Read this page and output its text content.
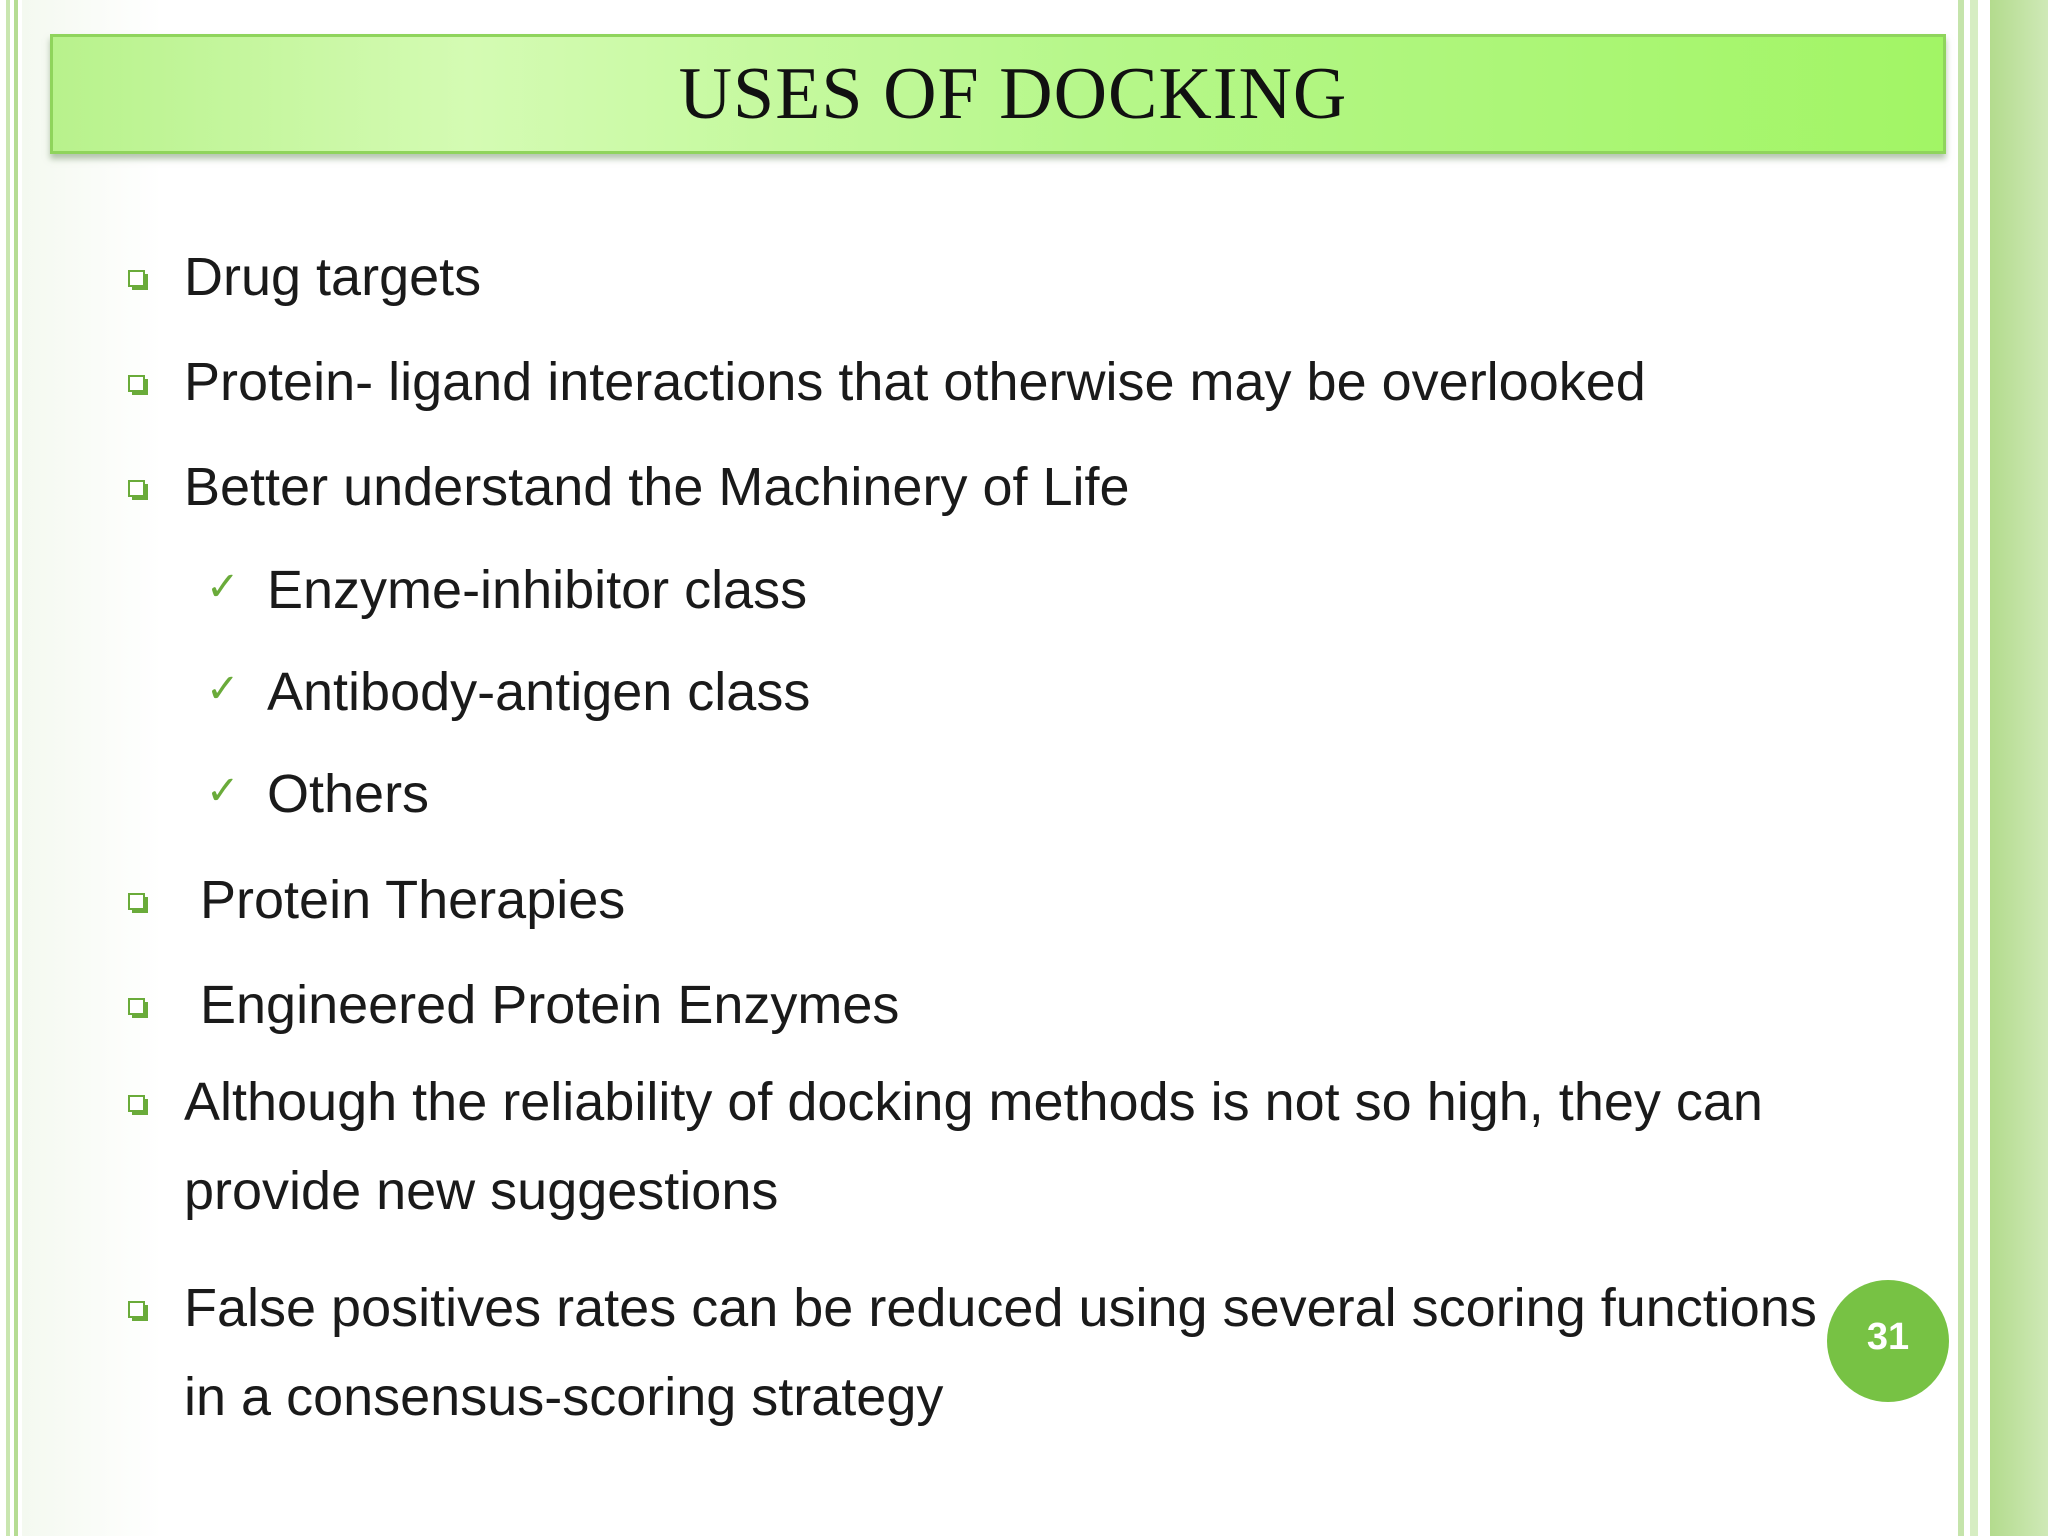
USES OF DOCKING
Drug targets
Protein- ligand interactions that otherwise may be overlooked
Better understand the Machinery of Life
✓ Enzyme-inhibitor class
✓ Antibody-antigen class
✓ Others
Protein Therapies
Engineered Protein Enzymes
Although the reliability of docking methods is not so high, they can
provide new suggestions
False positives rates can be reduced using several scoring functions
in a consensus-scoring strategy
31
